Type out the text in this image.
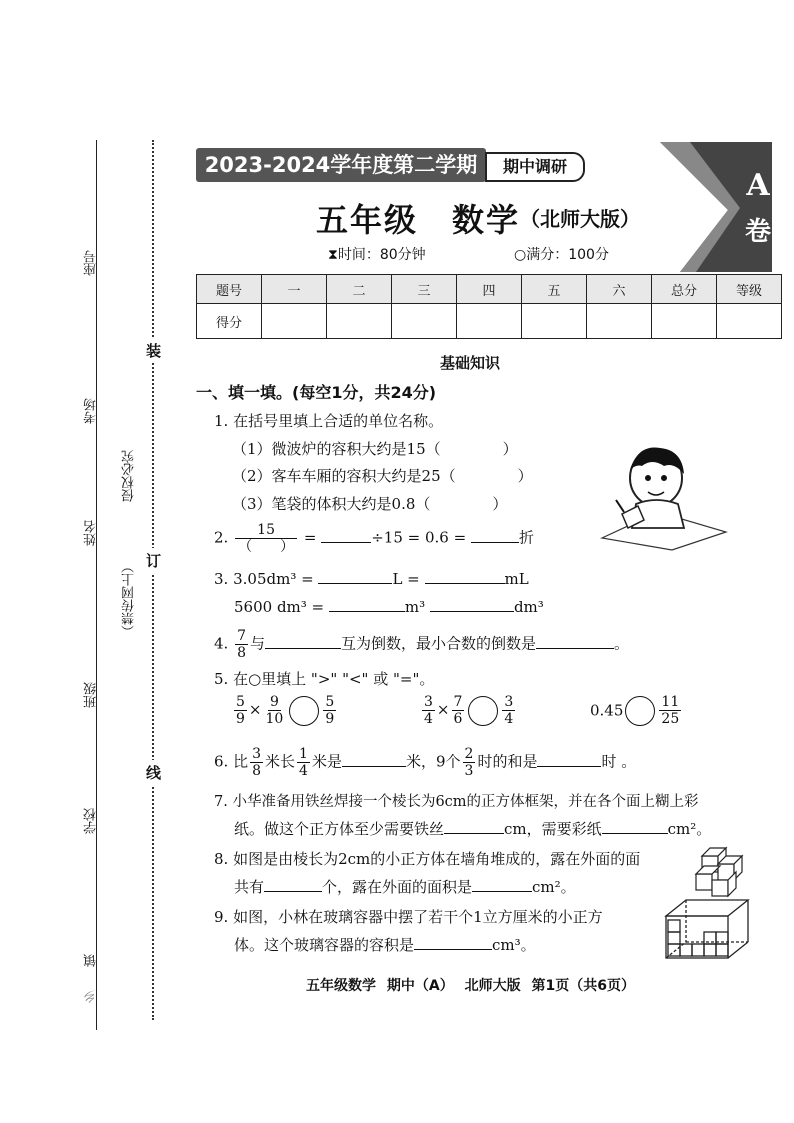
座号
考场
姓名
班级
学校
镇
乡
侵权必究
（禁传网上）
装
订
线
2023-2024学年度第二学期	期中调研
A
卷
五年级　数学 （北师大版）
⧗时间：80分钟	○满分：100分
题号	一	二	三	四	五	六	总分	等级
得分								
基础知识
一、填一填。(每空1分，共24分)
1. 在括号里填上合适的单位名称。
（1）微波炉的容积大约是15（	）
（2）客车车厢的容积大约是25（	）
（3）笔袋的体积大约是0.8（	）
2. $\frac{15}{( )}$ =	÷15 = 0.6 =	折
3. 3.05dm³ =	L =	mL
5600 dm³ =	m³	dm³
4. $\frac{7}{8}$ 与	互为倒数，最小合数的倒数是	。
5. 在○里填上 ">" "<" 或 "="。
$\frac{5}{9} \times \frac{9}{10}$	$\frac{5}{9}$	$\frac{3}{4} \times \frac{7}{6}$	$\frac{3}{4}$	0.45	$\frac{11}{25}$
6. 比 $\frac{3}{8}$ 米长 $\frac{1}{4}$ 米是	米，9个 $\frac{2}{3}$ 时的和是	时 。
7. 小华准备用铁丝焊接一个棱长为6cm的正方体框架，并在各个面上糊上彩
纸。做这个正方体至少需要铁丝	cm，需要彩纸	cm²。
8. 如图是由棱长为2cm的小正方体在墙角堆成的，露在外面的面
共有	个，露在外面的面积是	cm²。
9. 如图，小林在玻璃容器中摆了若干个1立方厘米的小正方
体。这个玻璃容器的容积是	cm³。
五年级数学 期中（A） 北师大版 第1页（共6页）
